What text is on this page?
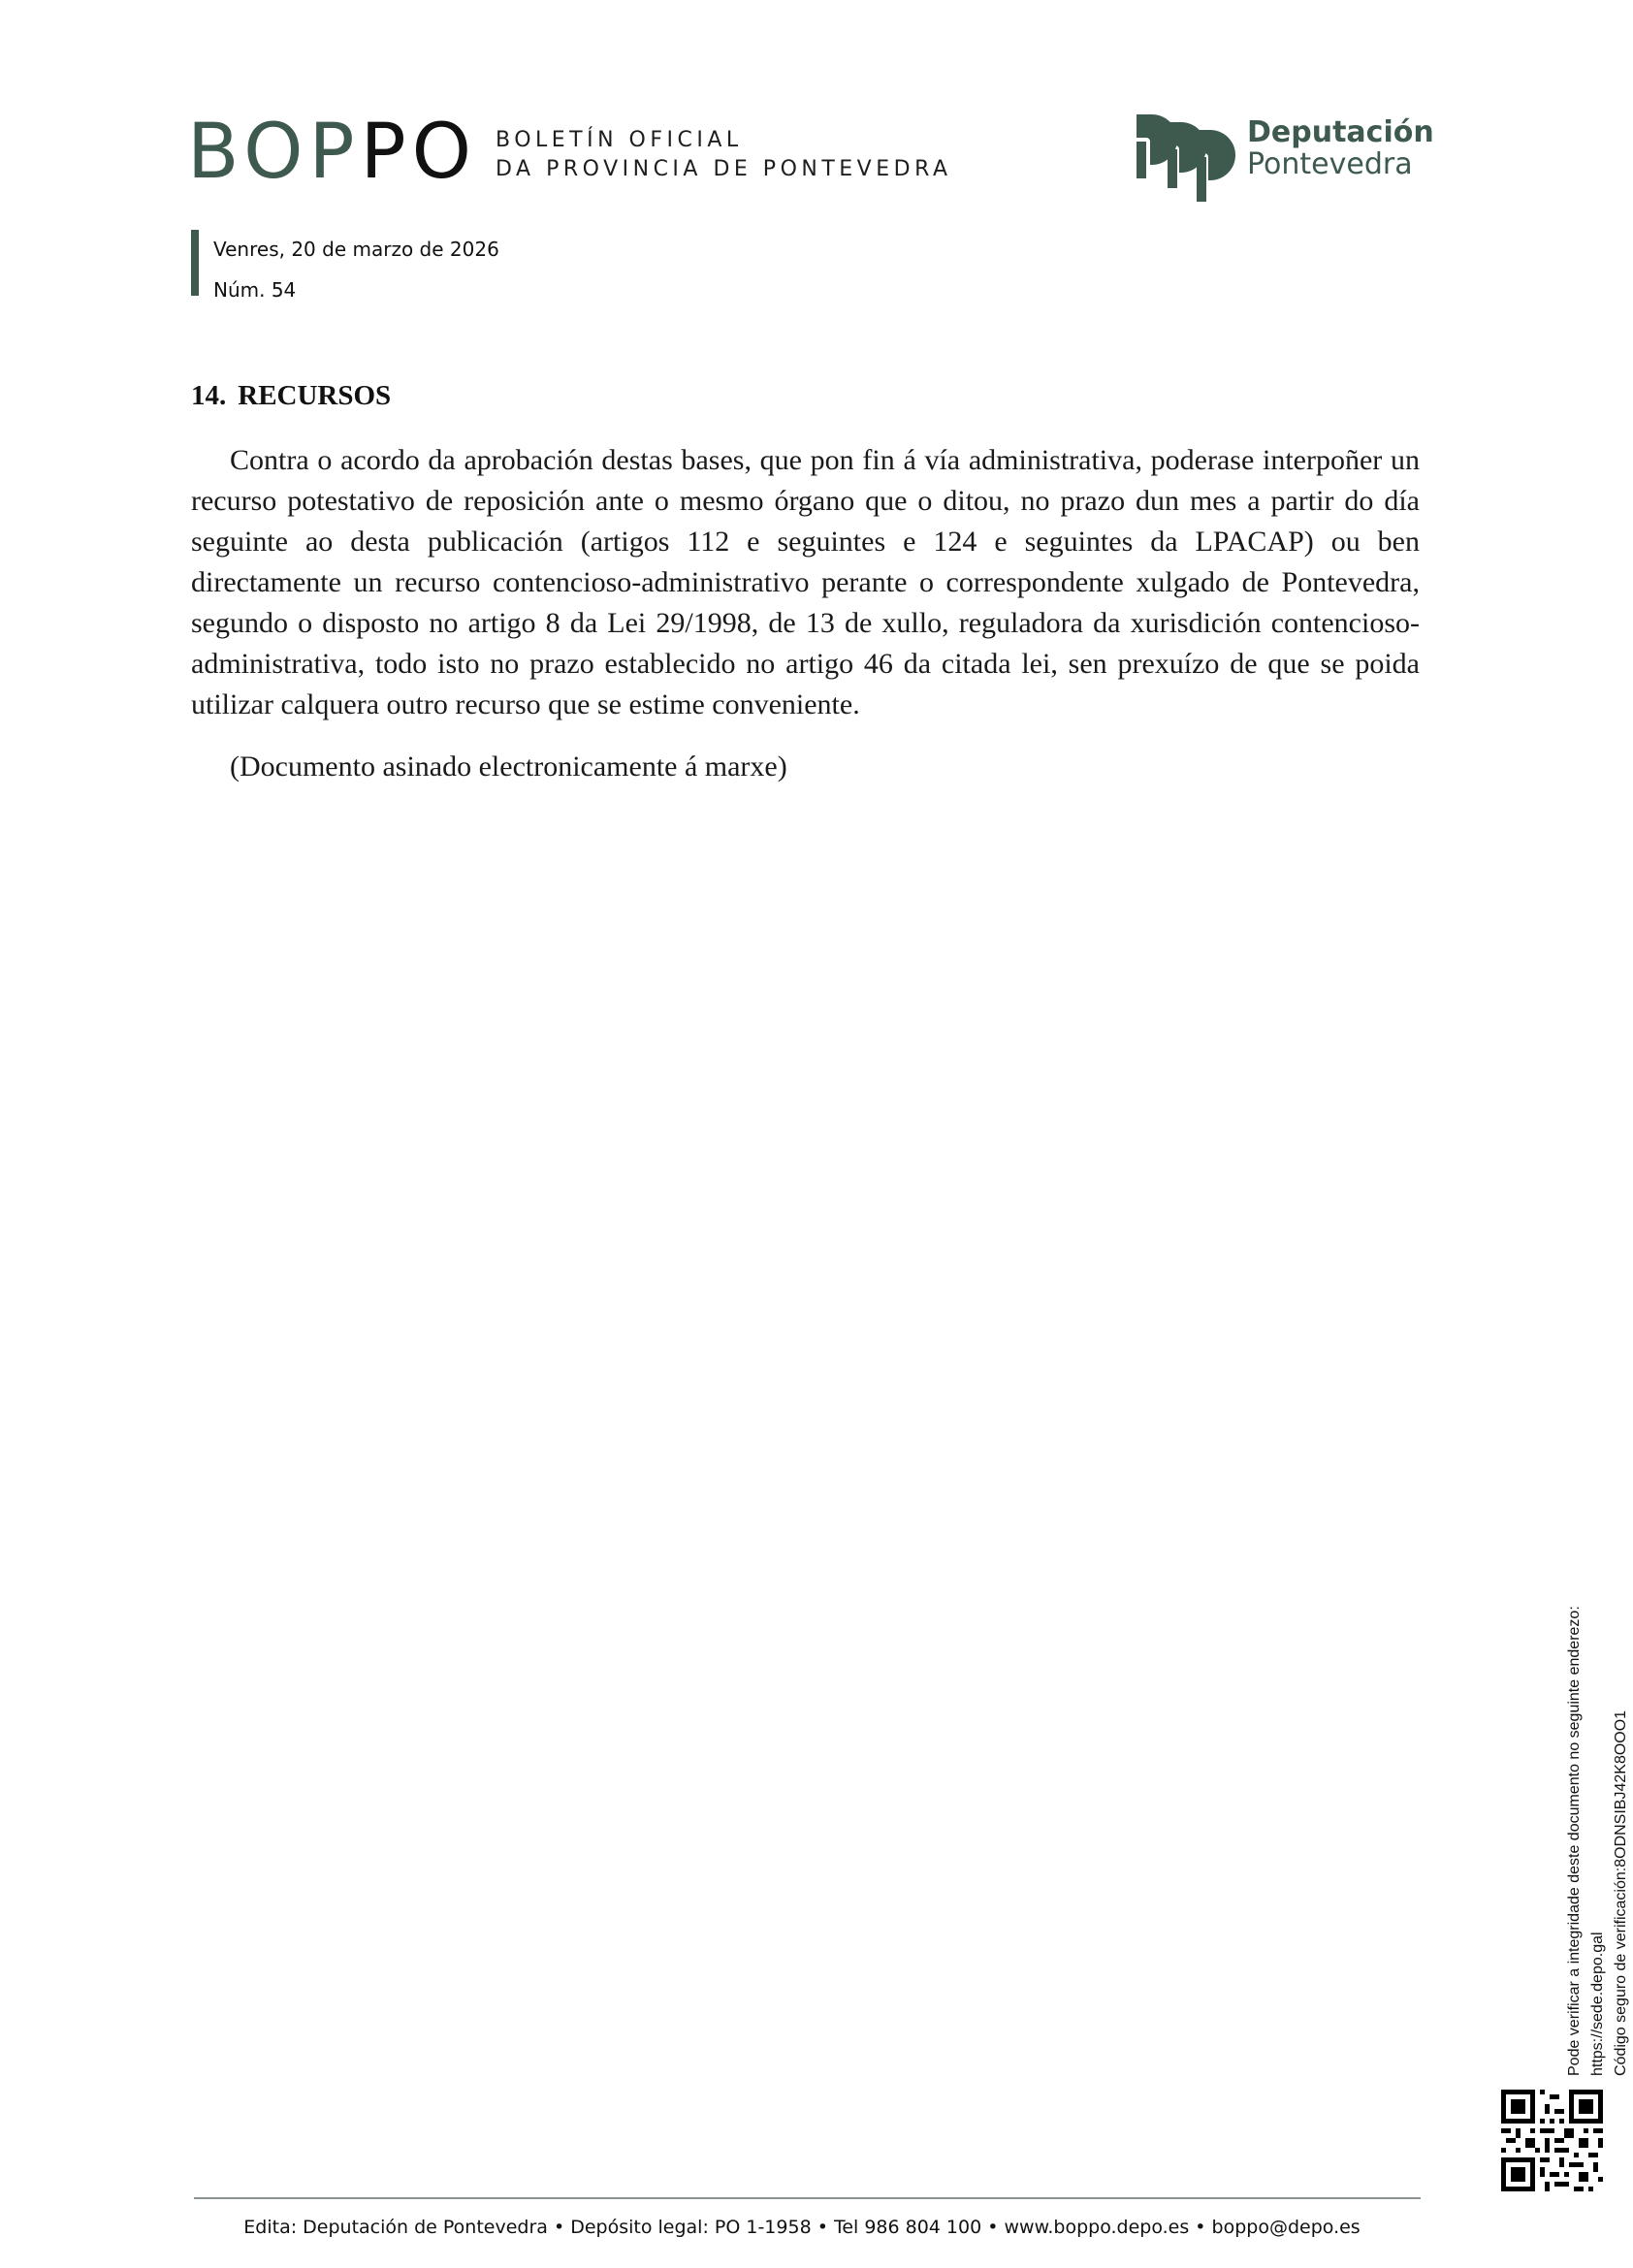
BOPPO BOLETÍN OFICIAL
DA PROVINCIA DE PONTEVEDRA
Deputación
Pontevedra
Venres, 20 de marzo de 2026
Núm. 54
14. RECURSOS

Contra o acordo da aprobación destas bases, que pon fin á vía administrativa, poderase interpoñer un recurso potestativo de reposición ante o mesmo órgano que o ditou, no prazo dun mes a partir do día seguinte ao desta publicación (artigos 112 e seguintes e 124 e seguintes da LPACAP) ou ben directamente un recurso contencioso-administrativo perante o correspondente xulgado de Pontevedra, segundo o disposto no artigo 8 da Lei 29/1998, de 13 de xullo, reguladora da xurisdición contencioso-administrativa, todo isto no prazo establecido no artigo 46 da citada lei, sen prexuízo de que se poida utilizar calquera outro recurso que se estime conveniente.

(Documento asinado electronicamente á marxe)

Pode verificar a integridade deste documento no seguinte enderezo: https://sede.depo.gal Código seguro de verificación:8ODNSIBJ42K8OOO1
Edita: Deputación de Pontevedra • Depósito legal: PO 1-1958 • Tel 986 804 100 • www.boppo.depo.es • boppo@depo.es
